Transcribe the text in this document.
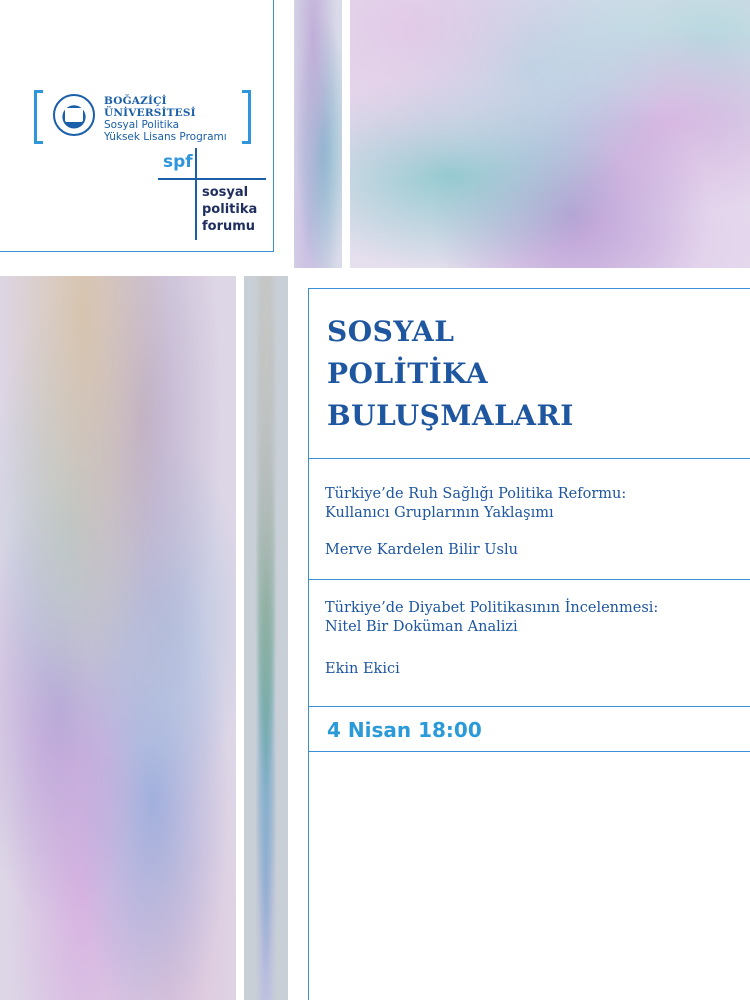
BOĞAZİÇİ ÜNİVERSİTESİ
Sosyal Politika
Yüksek Lisans Programı
spf
sosyal
politika
forumu
SOSYAL
POLİTİKA
BULUŞMALARI
Türkiye’de Ruh Sağlığı Politika Reformu:
Kullanıcı Gruplarının Yaklaşımı
Merve Kardelen Bilir Uslu
Türkiye’de Diyabet Politikasının İncelenmesi:
Nitel Bir Doküman Analizi
Ekin Ekici
4 Nisan 18:00
